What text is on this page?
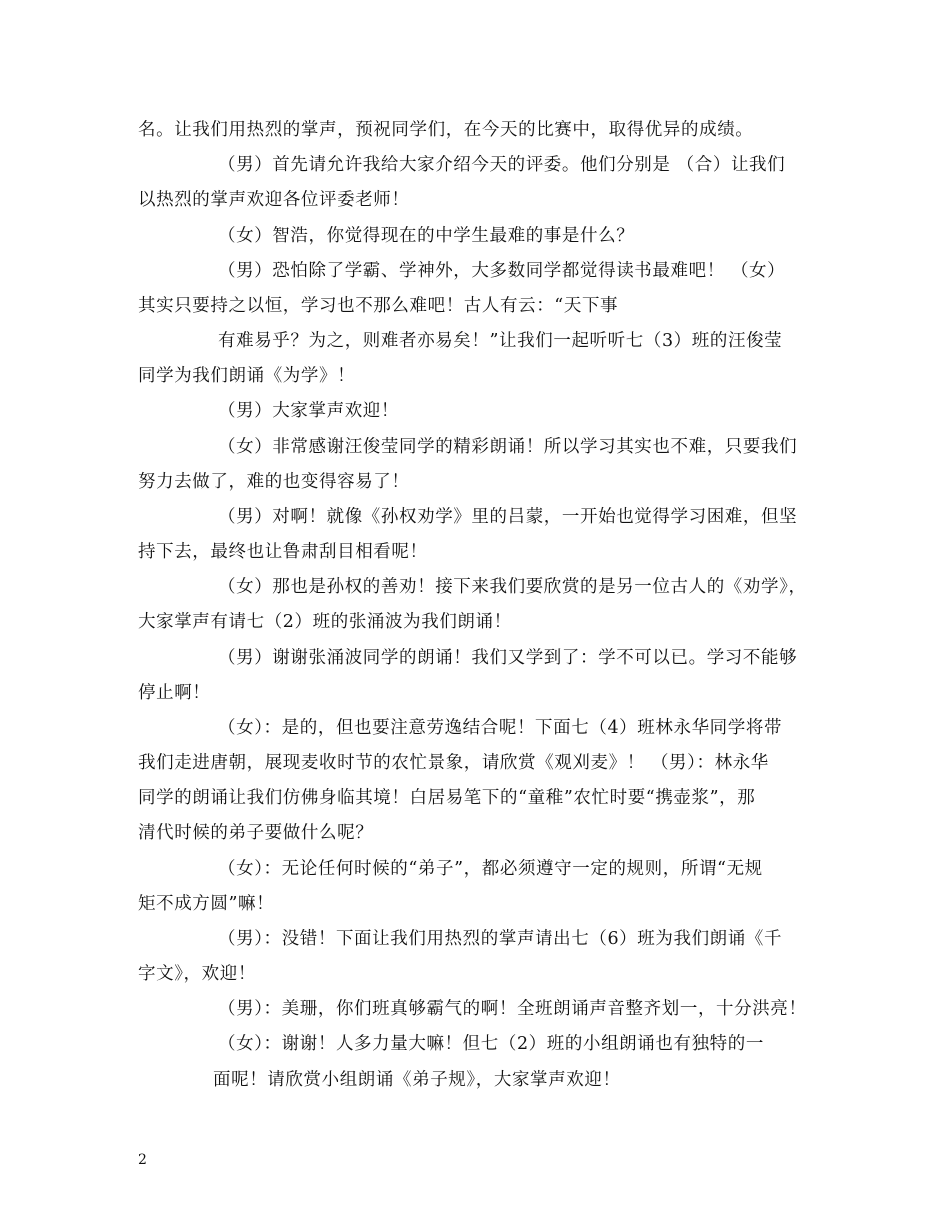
名。让我们用热烈的掌声，预祝同学们，在今天的比赛中，取得优异的成绩。
（男）首先请允许我给大家介绍今天的评委。他们分别是 （合）让我们
以热烈的掌声欢迎各位评委老师！
（女）智浩，你觉得现在的中学生最难的事是什么？
（男）恐怕除了学霸、学神外，大多数同学都觉得读书最难吧！ （女）
其实只要持之以恒，学习也不那么难吧！古人有云：“天下事
有难易乎？为之，则难者亦易矣！”让我们一起听听七（3）班的汪俊莹
同学为我们朗诵《为学》！
（男）大家掌声欢迎！
（女）非常感谢汪俊莹同学的精彩朗诵！所以学习其实也不难，只要我们
努力去做了，难的也变得容易了！
（男）对啊！就像《孙权劝学》里的吕蒙，一开始也觉得学习困难，但坚
持下去，最终也让鲁肃刮目相看呢！
（女）那也是孙权的善劝！接下来我们要欣赏的是另一位古人的《劝学》，
大家掌声有请七（2）班的张涌波为我们朗诵！
（男）谢谢张涌波同学的朗诵！我们又学到了：学不可以已。学习不能够
停止啊！
（女）：是的，但也要注意劳逸结合呢！下面七（4）班林永华同学将带
我们走进唐朝，展现麦收时节的农忙景象，请欣赏《观刈麦》！ （男）：林永华
同学的朗诵让我们仿佛身临其境！白居易笔下的“童稚”农忙时要“携壶浆”，那
清代时候的弟子要做什么呢？
（女）：无论任何时候的“弟子”，都必须遵守一定的规则，所谓“无规
矩不成方圆”嘛！
（男）：没错！下面让我们用热烈的掌声请出七（6）班为我们朗诵《千
字文》，欢迎！
（男）：美珊，你们班真够霸气的啊！全班朗诵声音整齐划一，十分洪亮！
（女）：谢谢！人多力量大嘛！但七（2）班的小组朗诵也有独特的一
面呢！请欣赏小组朗诵《弟子规》，大家掌声欢迎！
2
